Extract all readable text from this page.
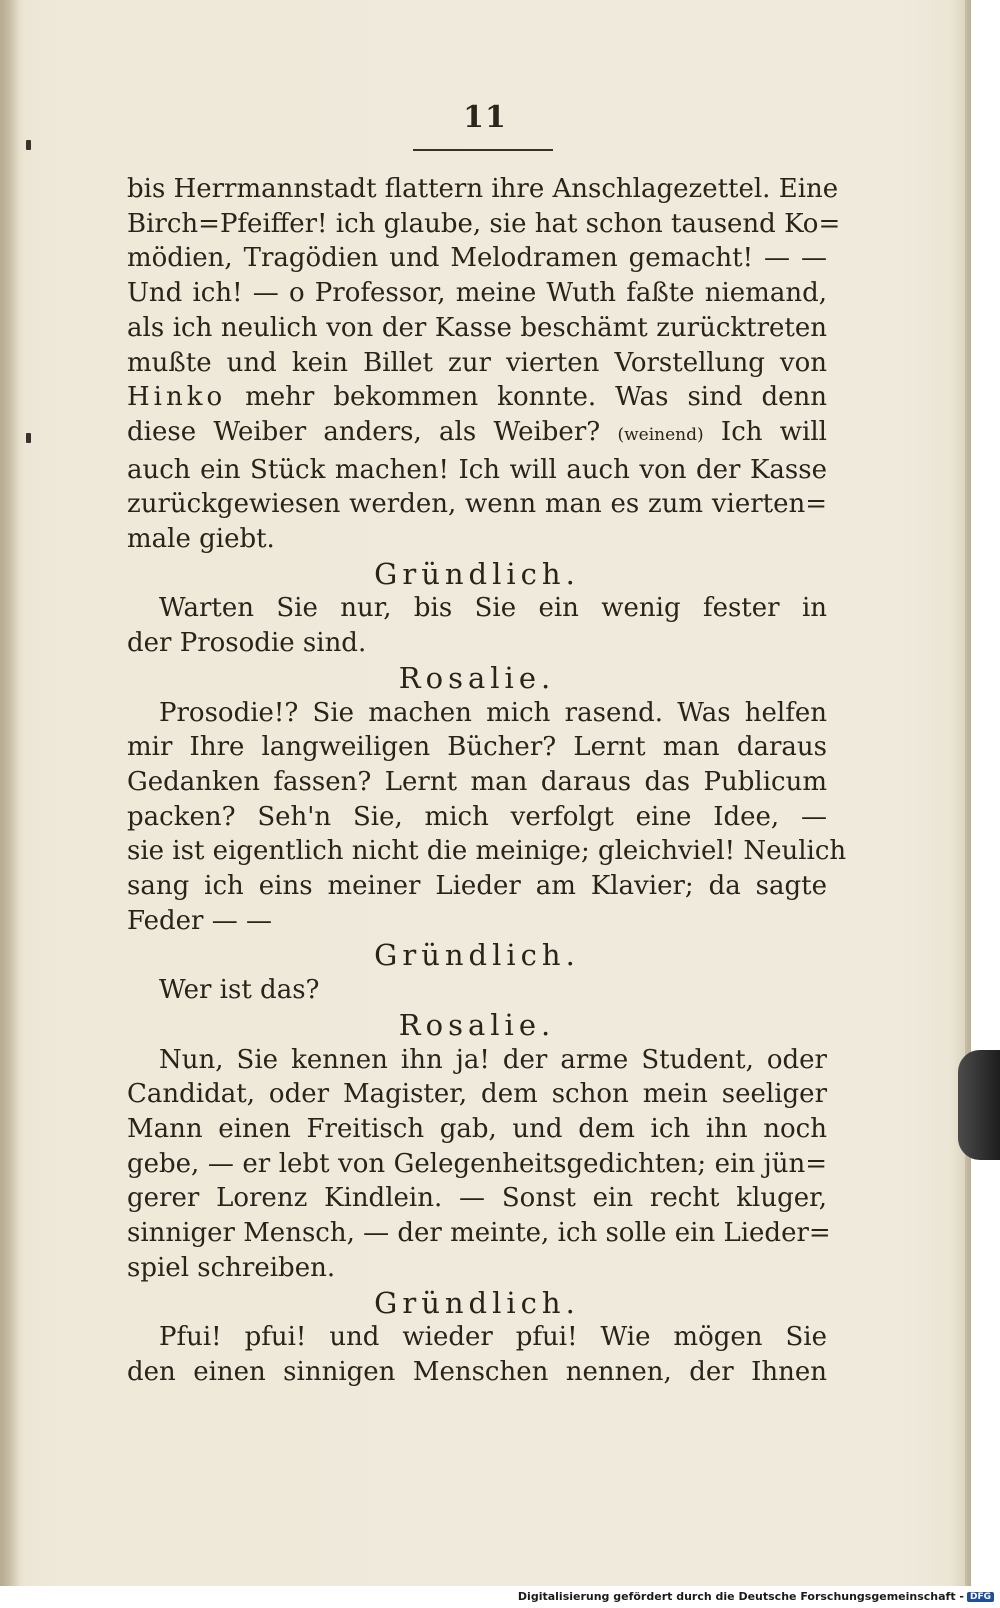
11
bis Herrmannstadt flattern ihre Anschlagezettel. Eine
Birch=Pfeiffer! ich glaube, sie hat schon tausend Ko=
mödien, Tragödien und Melodramen gemacht! — —
Und ich! — o Professor, meine Wuth faßte niemand,
als ich neulich von der Kasse beschämt zurücktreten
mußte und kein Billet zur vierten Vorstellung von
Hinko mehr bekommen konnte. Was sind denn
diese Weiber anders, als Weiber? (weinend) Ich will
auch ein Stück machen! Ich will auch von der Kasse
zurückgewiesen werden, wenn man es zum vierten=
male giebt.
Gründlich.
Warten Sie nur, bis Sie ein wenig fester in
der Prosodie sind.
Rosalie.
Prosodie!? Sie machen mich rasend. Was helfen
mir Ihre langweiligen Bücher? Lernt man daraus
Gedanken fassen? Lernt man daraus das Publicum
packen? Seh'n Sie, mich verfolgt eine Idee, —
sie ist eigentlich nicht die meinige; gleichviel! Neulich
sang ich eins meiner Lieder am Klavier; da sagte
Feder — —
Gründlich.
Wer ist das?
Rosalie.
Nun, Sie kennen ihn ja! der arme Student, oder
Candidat, oder Magister, dem schon mein seeliger
Mann einen Freitisch gab, und dem ich ihn noch
gebe, — er lebt von Gelegenheitsgedichten; ein jün=
gerer Lorenz Kindlein. — Sonst ein recht kluger,
sinniger Mensch, — der meinte, ich solle ein Lieder=
spiel schreiben.
Gründlich.
Pfui! pfui! und wieder pfui! Wie mögen Sie
den einen sinnigen Menschen nennen, der Ihnen
Digitalisierung gefördert durch die Deutsche Forschungsgemeinschaft - DFG
